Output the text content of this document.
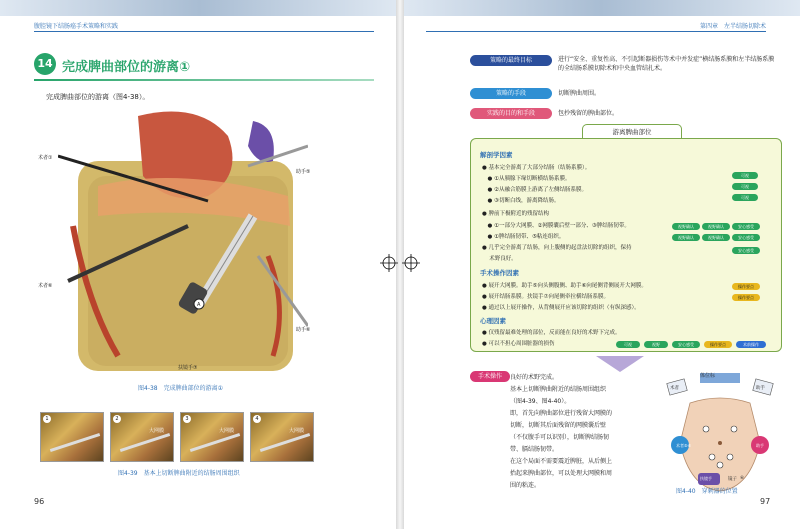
腹腔镜下结肠癌手术策略和实践
14 完成脾曲部位的游离①
完成脾曲部位的游离（图4-38）。
术者①
助手⑤
术者⑥
助手⑥
扶镜手⑦
A
图4-38　完成脾曲部位的游离①
1	2
大网膜
3
大网膜
4
大网膜
图4-39　基本上切断脾曲附近的结肠周围组织
96
第四章　左半结肠切除术
策略的最终目标	进行“安全、重复性高、不引起断器损伤等术中并发症”横结肠系膜和左半结肠系膜的全结肠系膜切除术和中央血管结扎术。
策略的手段	切断脾曲周围。
实践的目的和手段	包抄残留的脾曲部位。
游离脾曲部位
解剖学因素
● 基本完全游离了大部分结肠（结肠系膜）。
　● ①从胰腺下缘切断横结肠系膜。
　● ②从融合筋膜上游离了左侧结肠系膜。
　● ③切断白线，游离降结肠。
● 脾前下极附近的残留结构
　● ①一部分大网膜、②网膜囊后壁一部分、③脾结肠韧带。
　● ①脾结肠韧带、⑤粘连组织。
● 几乎完全游离了结肠，向上腹侧的起盘法切除的组织，保持
　 术野良好。
手术操作因素
● 展开大网膜。助手⑤向头侧腹侧、助手⑥向尾侧背侧展开大网膜。
● 展开结肠系膜。扶镜手⑦向尾侧牵拉横结肠系膜。
● 通过以上展开操作，从背侧展开应该切除的组织（有纵深感）。
心理因素
● 仅残留最难处理的部位，反而能在良好的术野下完成。
● 可以不担心周围脏器的损伤
可视
可视
可视
视野确认	视野确认	安心感受
视野确认	视野确认	安心感受
安心感受
操作要点
操作要点
可视	视野	安心感受	操作要点	术前操作
手术操作	良好的术野完成。
基本上切断脾曲附近的结肠周围组织
（图4-39、图4-40）。
即，首先向脾曲部位进行残留大网膜的
切断，切断其后面残留的网膜囊后壁
（不仅腹手可以识别），切断脾结肠韧
带、膈结肠韧带。
在这个局面不需要震近脾脏，从后侧上
抬起来脾曲部位，可以处理大网膜和周
围的粘连。
体位标
术者	助手
术者⑤⑥	助手
扶镜手	镜子 ⑥
图4-40　穿刺器的位置
97
